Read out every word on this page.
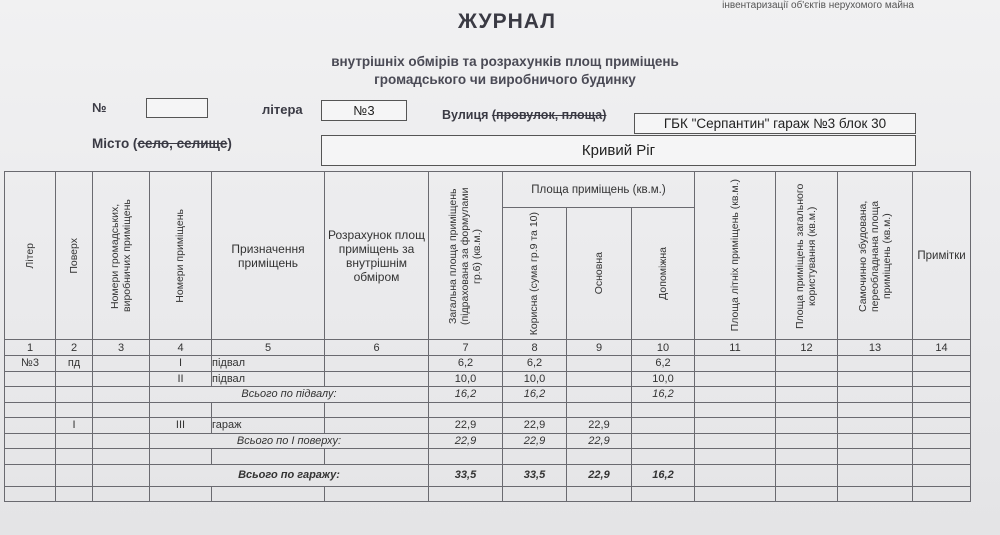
інвентаризації об'єктів нерухомого майна
ЖУРНАЛ
внутрішніх обмірів та розрахунків площ приміщень
громадського чи виробничого будинку
№	літера	№3	Вулиця (провулок, площа)
ГБК "Серпантин" гараж №3 блок 30
Місто (село, селище)	Кривий Ріг
Літер	Поверх	Номери громадських, виробничих приміщень	Номери приміщень	Призначення приміщень	Розрахунок площ приміщень за внутрішнім обміром	Загальна площа приміщень (підрахована за формулами гр.6) (кв.м.)	Площа приміщень (кв.м.)			Площа літніх приміщень (кв.м.)	Площа приміщень загального користування (кв.м.)	Самочинно збудована, переобладнана площа приміщень (кв.м.)	Примітки

							Корисна (сума гр.9 та 10)	Основна	Допоміжна				

1	2	3	4	5	6	7	8	9	10	11	12	13	14
№3	пд		I	підвал		6,2	6,2		6,2				
			II	підвал		10,0	10,0		10,0				
			Всього по підвалу:			16,2	16,2		16,2				

	I		III	гараж		22,9	22,9	22,9					
			Всього по I поверху:			22,9	22,9	22,9					

			Всього по гаражу:			33,5	33,5	22,9	16,2				
